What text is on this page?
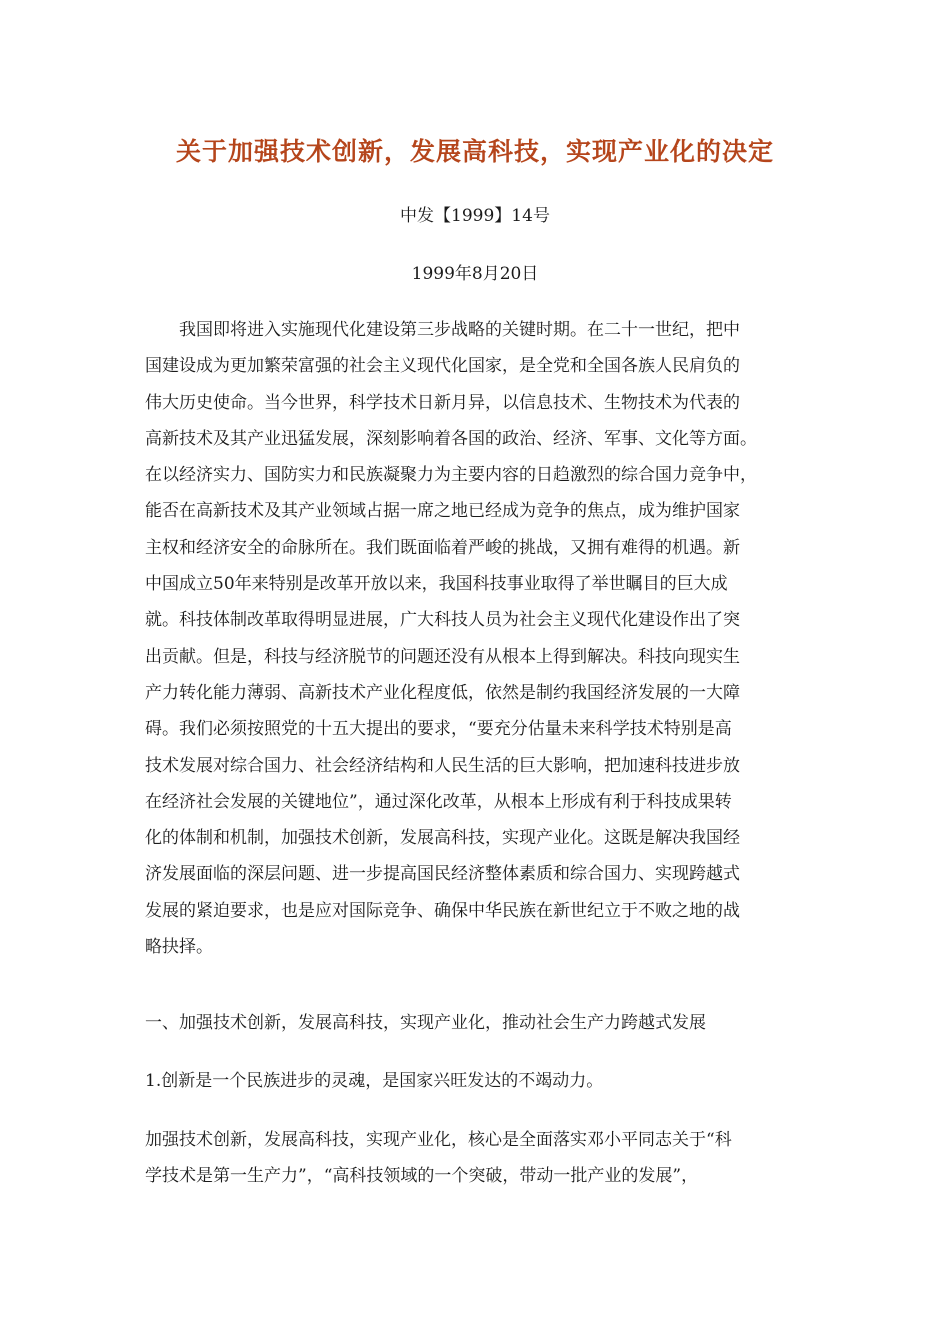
关于加强技术创新，发展高科技，实现产业化的决定
中发【1999】14号
1999年8月20日
　　我国即将进入实施现代化建设第三步战略的关键时期。在二十一世纪，把中
国建设成为更加繁荣富强的社会主义现代化国家，是全党和全国各族人民肩负的
伟大历史使命。当今世界，科学技术日新月异，以信息技术、生物技术为代表的
高新技术及其产业迅猛发展，深刻影响着各国的政治、经济、军事、文化等方面。
在以经济实力、国防实力和民族凝聚力为主要内容的日趋激烈的综合国力竞争中，
能否在高新技术及其产业领域占据一席之地已经成为竞争的焦点，成为维护国家
主权和经济安全的命脉所在。我们既面临着严峻的挑战，又拥有难得的机遇。新
中国成立50年来特别是改革开放以来，我国科技事业取得了举世瞩目的巨大成
就。科技体制改革取得明显进展，广大科技人员为社会主义现代化建设作出了突
出贡献。但是，科技与经济脱节的问题还没有从根本上得到解决。科技向现实生
产力转化能力薄弱、高新技术产业化程度低，依然是制约我国经济发展的一大障
碍。我们必须按照党的十五大提出的要求，“要充分估量未来科学技术特别是高
技术发展对综合国力、社会经济结构和人民生活的巨大影响，把加速科技进步放
在经济社会发展的关键地位”，通过深化改革，从根本上形成有利于科技成果转
化的体制和机制，加强技术创新，发展高科技，实现产业化。这既是解决我国经
济发展面临的深层问题、进一步提高国民经济整体素质和综合国力、实现跨越式
发展的紧迫要求，也是应对国际竞争、确保中华民族在新世纪立于不败之地的战
略抉择。
一、加强技术创新，发展高科技，实现产业化，推动社会生产力跨越式发展
1.创新是一个民族进步的灵魂，是国家兴旺发达的不竭动力。
加强技术创新，发展高科技，实现产业化，核心是全面落实邓小平同志关于“科
学技术是第一生产力”，“高科技领域的一个突破，带动一批产业的发展”，
